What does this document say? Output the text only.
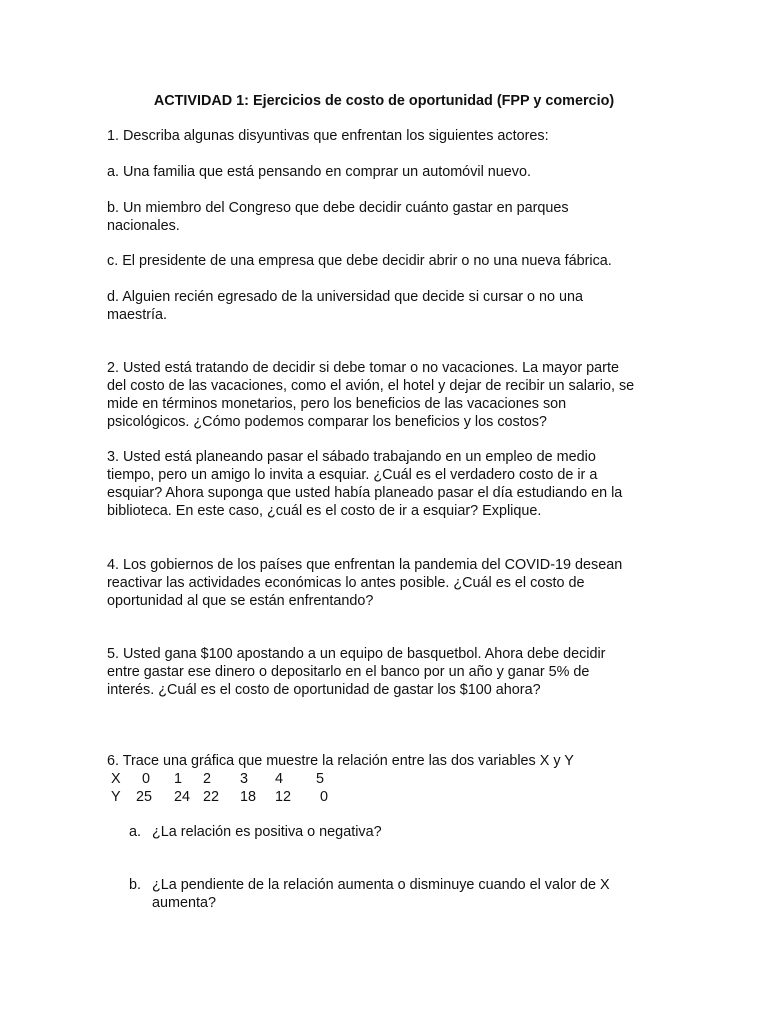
ACTIVIDAD 1: Ejercicios de costo de oportunidad (FPP y comercio)
1. Describa algunas disyuntivas que enfrentan los siguientes actores:
a. Una familia que está pensando en comprar un automóvil nuevo.
b. Un miembro del Congreso que debe decidir cuánto gastar en parques
nacionales.
c. El presidente de una empresa que debe decidir abrir o no una nueva fábrica.
d. Alguien recién egresado de la universidad que decide si cursar o no una
maestría.
2. Usted está tratando de decidir si debe tomar o no vacaciones. La mayor parte
del costo de las vacaciones, como el avión, el hotel y dejar de recibir un salario, se
mide en términos monetarios, pero los beneficios de las vacaciones son
psicológicos. ¿Cómo podemos comparar los beneficios y los costos?
3. Usted está planeando pasar el sábado trabajando en un empleo de medio
tiempo, pero un amigo lo invita a esquiar. ¿Cuál es el verdadero costo de ir a
esquiar? Ahora suponga que usted había planeado pasar el día estudiando en la
biblioteca. En este caso, ¿cuál es el costo de ir a esquiar? Explique.
4. Los gobiernos de los países que enfrentan la pandemia del COVID-19 desean
reactivar las actividades económicas lo antes posible. ¿Cuál es el costo de
oportunidad al que se están enfrentando?
5. Usted gana $100 apostando a un equipo de basquetbol. Ahora debe decidir
entre gastar ese dinero o depositarlo en el banco por un año y ganar 5% de
interés. ¿Cuál es el costo de oportunidad de gastar los $100 ahora?
6. Trace una gráfica que muestre la relación entre las dos variables X y Y
X 0 1 2 3 4 5
Y 25 24 22 18 12 0
a. ¿La relación es positiva o negativa?
b. ¿La pendiente de la relación aumenta o disminuye cuando el valor de X
aumenta?
